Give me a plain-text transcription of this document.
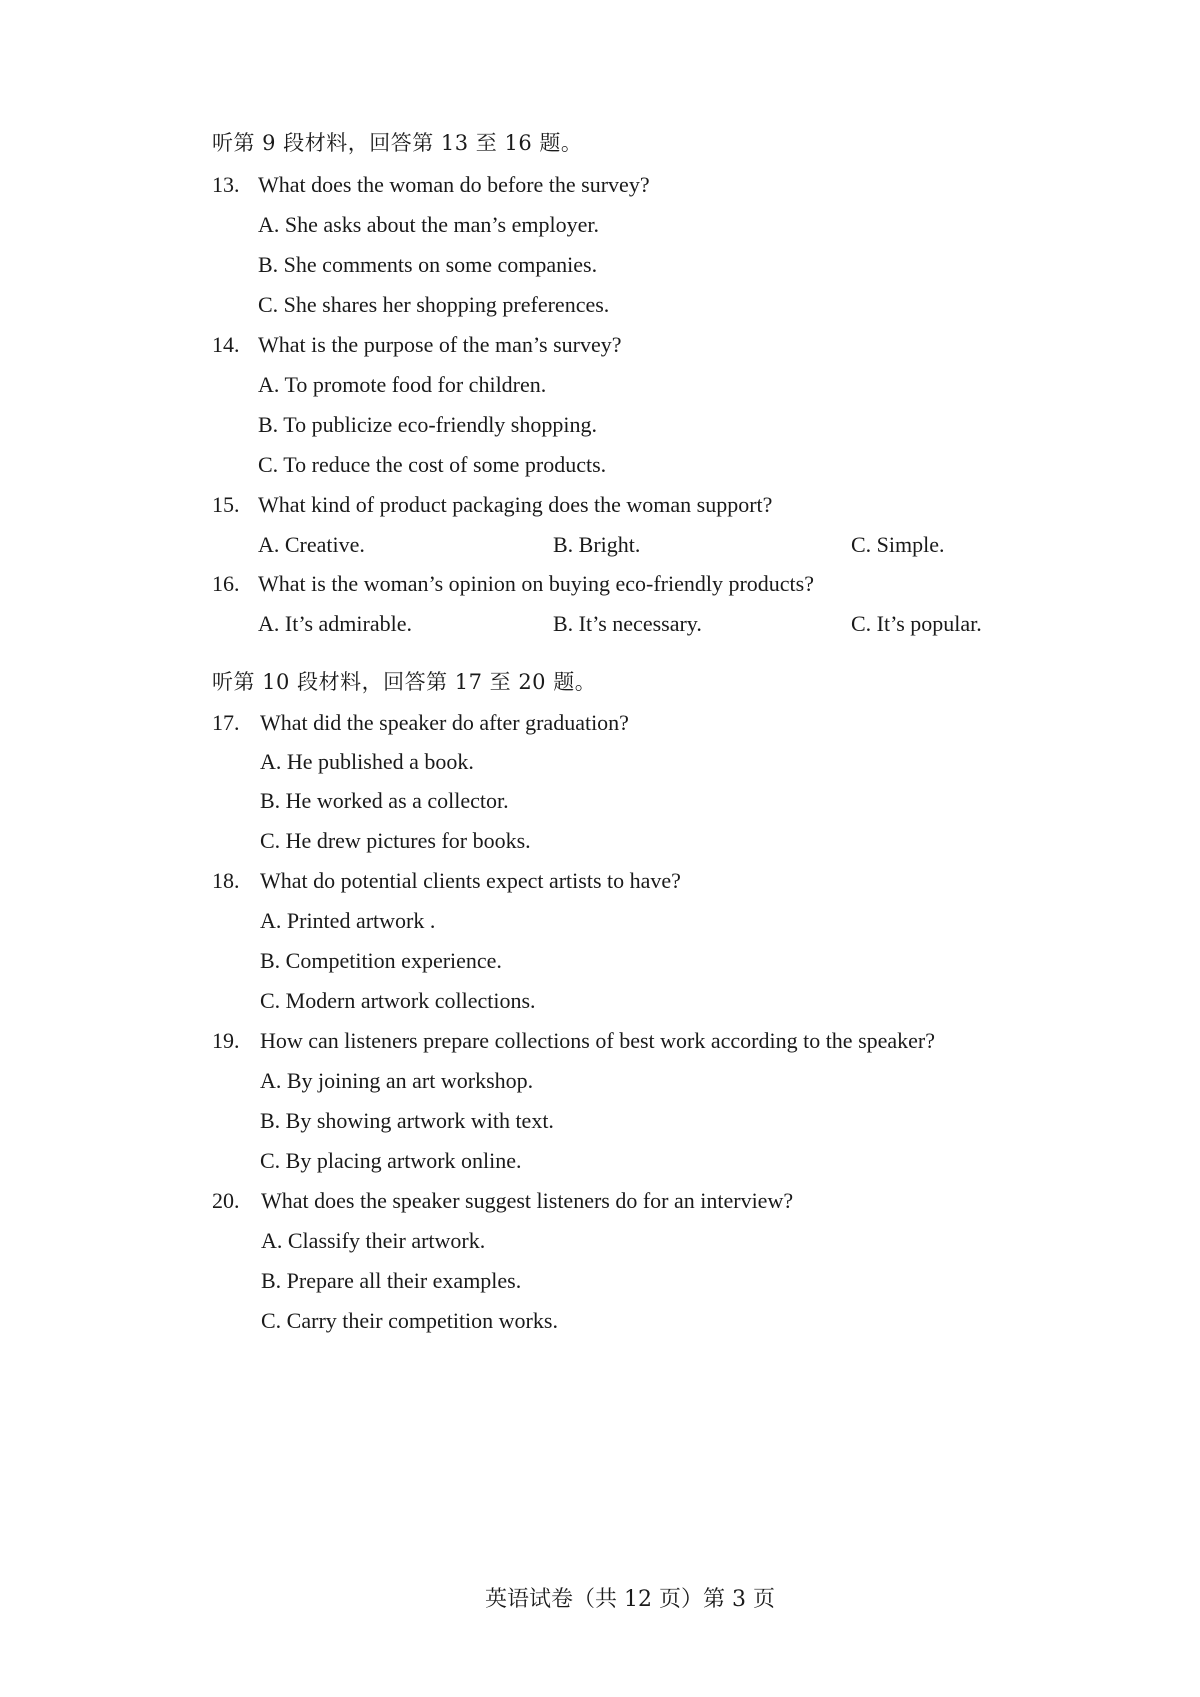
听第 9 段材料，回答第 13 至 16 题。
13. What does the woman do before the survey?
A. She asks about the man’s employer.
B. She comments on some companies.
C. She shares her shopping preferences.
14. What is the purpose of the man’s survey?
A. To promote food for children.
B. To publicize eco-friendly shopping.
C. To reduce the cost of some products.
15. What kind of product packaging does the woman support?
A. Creative.	B. Bright.	C. Simple.
16. What is the woman’s opinion on buying eco-friendly products?
A. It’s admirable.	B. It’s necessary.	C. It’s popular.
听第 10 段材料，回答第 17 至 20 题。
17. What did the speaker do after graduation?
A. He published a book.
B. He worked as a collector.
C. He drew pictures for books.
18. What do potential clients expect artists to have?
A. Printed artwork .
B. Competition experience.
C. Modern artwork collections.
19. How can listeners prepare collections of best work according to the speaker?
A. By joining an art workshop.
B. By showing artwork with text.
C. By placing artwork online.
20. What does the speaker suggest listeners do for an interview?
A. Classify their artwork.
B. Prepare all their examples.
C. Carry their competition works.
英语试卷（共 12 页）第 3 页
